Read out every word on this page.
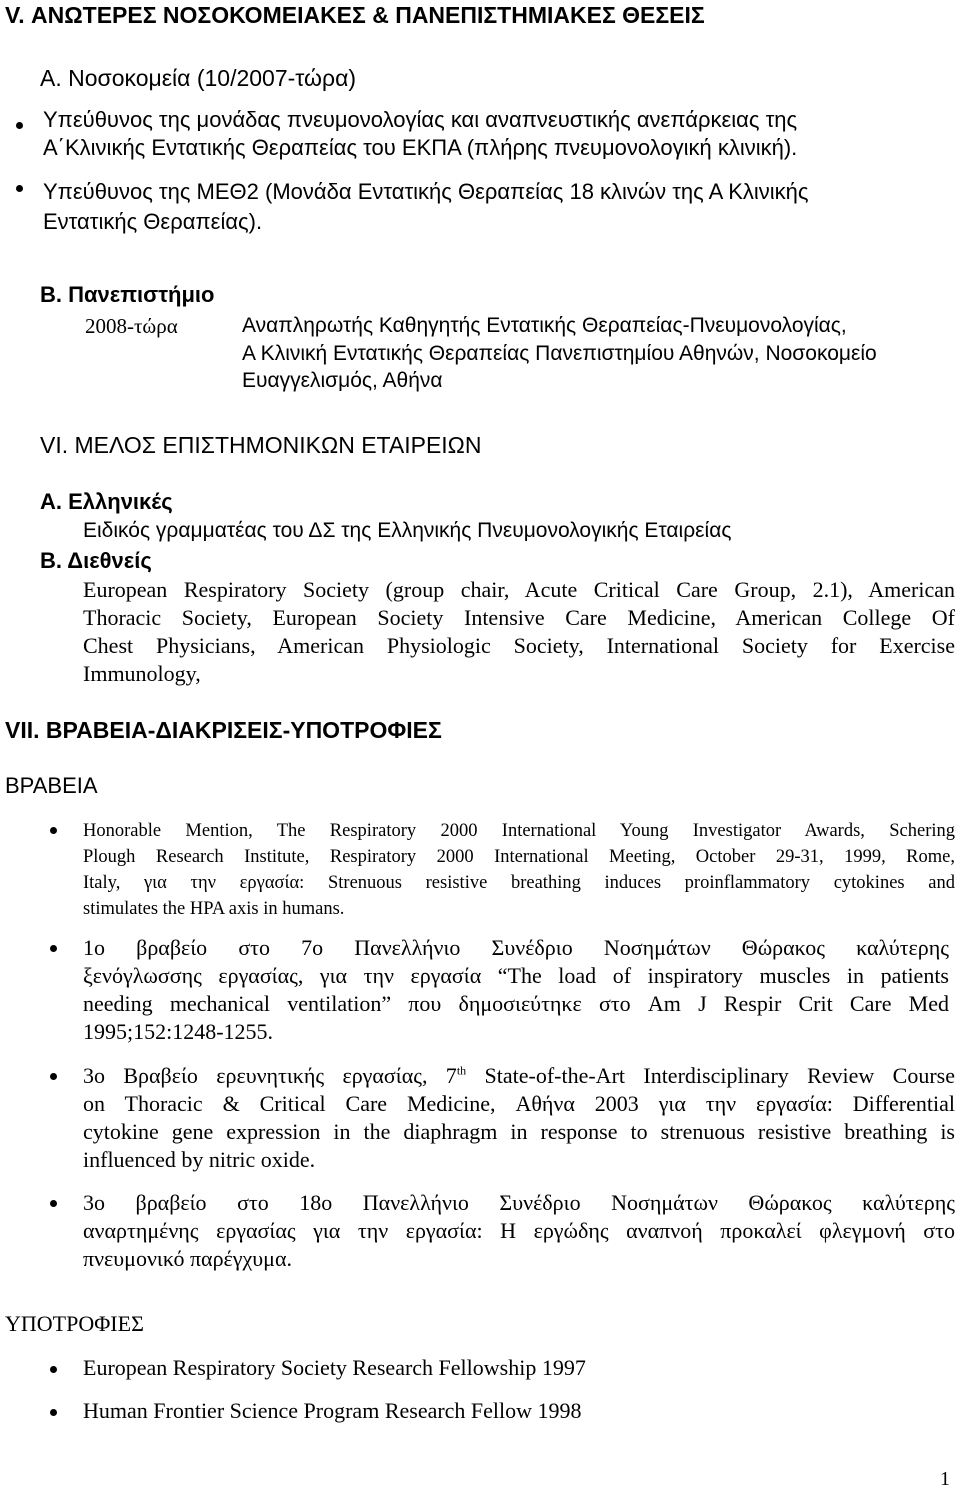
V. ΑΝΩΤΕΡΕΣ ΝΟΣΟΚΟΜΕΙΑΚΕΣ & ΠΑΝΕΠΙΣΤΗΜΙΑΚΕΣ ΘΕΣΕΙΣ
Α. Νοσοκομεία (10/2007-τώρα)
Υπεύθυνος της μονάδας πνευμονολογίας και αναπνευστικής ανεπάρκειας της
Α΄Κλινικής Εντατικής Θεραπείας του ΕΚΠΑ (πλήρης πνευμονολογική κλινική).
Υπεύθυνος της ΜΕΘ2 (Μονάδα Εντατικής Θεραπείας 18 κλινών της Α Κλινικής
Εντατικής Θεραπείας).
Β. Πανεπιστήμιο
2008-τώρα	Αναπληρωτής Καθηγητής Εντατικής Θεραπείας-Πνευμονολογίας,
Α Κλινική Εντατικής Θεραπείας Πανεπιστημίου Αθηνών, Νοσοκομείο
Ευαγγελισμός, Αθήνα
VI. ΜΕΛΟΣ ΕΠΙΣΤΗΜΟΝΙΚΩΝ ΕΤΑΙΡΕΙΩΝ
Α. Ελληνικές
Ειδικός γραμματέας του ΔΣ της Ελληνικής Πνευμονολογικής Εταιρείας
Β. Διεθνείς
European Respiratory Society (group chair, Acute Critical Care Group, 2.1), American
Thoracic Society, European Society Intensive Care Medicine, American College Of
Chest Physicians, American Physiologic Society, International Society for Exercise
Immunology,
VII. ΒΡΑΒΕΙΑ-ΔΙΑΚΡΙΣΕΙΣ-ΥΠΟΤΡΟΦΙΕΣ
ΒΡΑΒΕΙΑ
Honorable Mention, The Respiratory 2000 International Young Investigator Awards, Schering
Plough Research Institute, Respiratory 2000 International Meeting, October 29-31, 1999, Rome,
Italy, για την εργασία: Strenuous resistive breathing induces proinflammatory cytokines and
stimulates the HPA axis in humans.
1ο βραβείο στο 7ο Πανελλήνιο Συνέδριο Νοσημάτων Θώρακος καλύτερης
ξενόγλωσσης εργασίας, για την εργασία “The load of inspiratory muscles in patients
needing mechanical ventilation” που δημοσιεύτηκε στο Am J Respir Crit Care Med
1995;152:1248-1255.
3ο Βραβείο ερευνητικής εργασίας, 7th State-of-the-Art Interdisciplinary Review Course
on Thoracic & Critical Care Medicine, Αθήνα 2003 για την εργασία: Differential
cytokine gene expression in the diaphragm in response to strenuous resistive breathing is
influenced by nitric oxide.
3ο βραβείο στο 18ο Πανελλήνιο Συνέδριο Νοσημάτων Θώρακος καλύτερης
αναρτημένης εργασίας για την εργασία: Η εργώδης αναπνοή προκαλεί φλεγμονή στο
πνευμονικό παρέγχυμα.
ΥΠΟΤΡΟΦΙΕΣ
European Respiratory Society Research Fellowship 1997
Human Frontier Science Program Research Fellow 1998
1
